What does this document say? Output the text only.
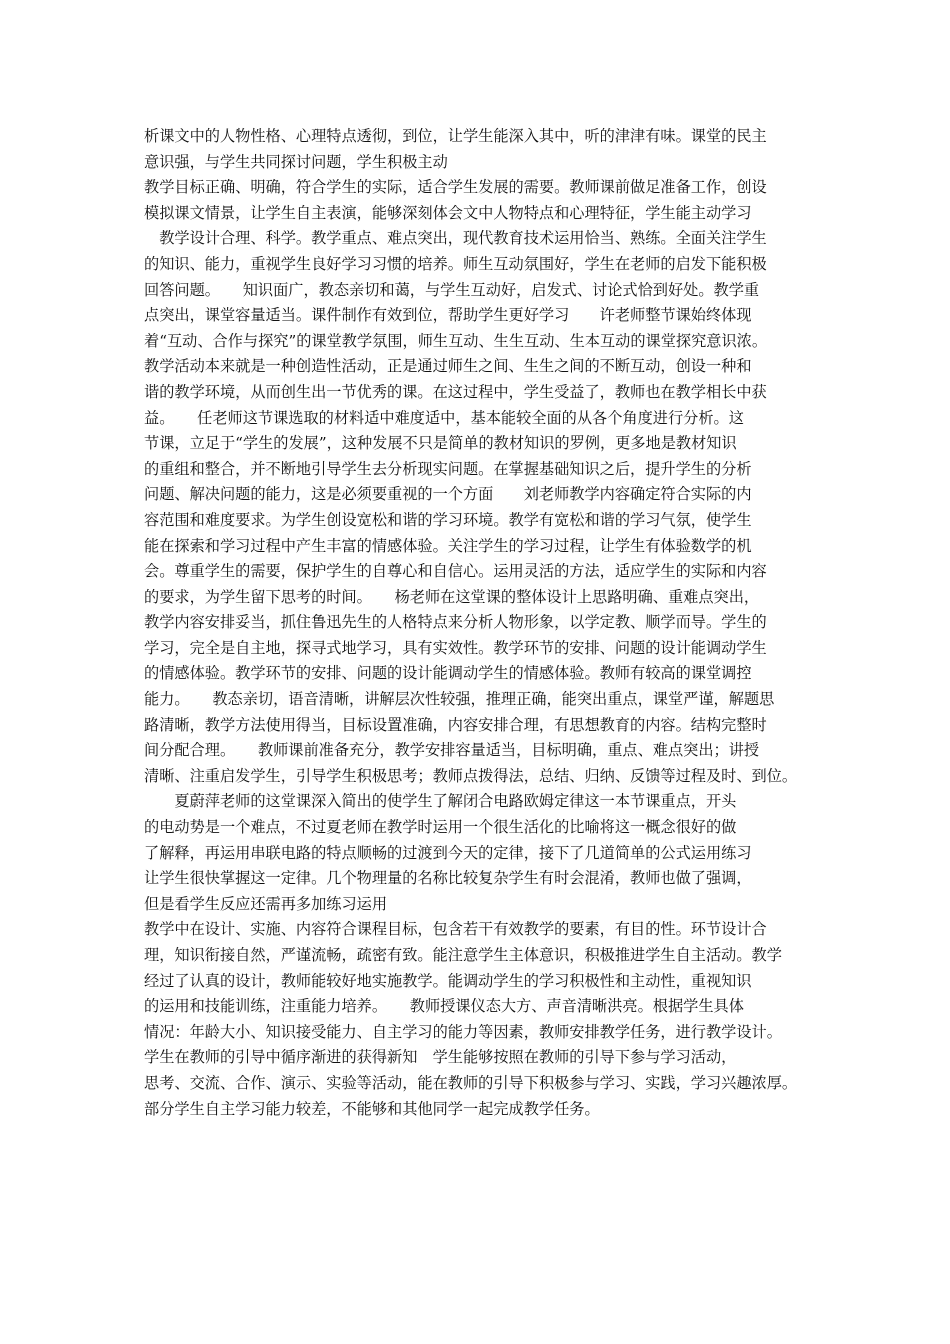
析课文中的人物性格、心理特点透彻，到位，让学生能深入其中，听的津津有味。课堂的民主
意识强，与学生共同探讨问题，学生积极主动
教学目标正确、明确，符合学生的实际，适合学生发展的需要。教师课前做足准备工作，创设
模拟课文情景，让学生自主表演，能够深刻体会文中人物特点和心理特征，学生能主动学习
　教学设计合理、科学。教学重点、难点突出，现代教育技术运用恰当、熟练。全面关注学生
的知识、能力，重视学生良好学习习惯的培养。师生互动氛围好，学生在老师的启发下能积极
回答问题。　　知识面广，教态亲切和蔼，与学生互动好，启发式、讨论式恰到好处。教学重
点突出，课堂容量适当。课件制作有效到位，帮助学生更好学习　　许老师整节课始终体现
着“互动、合作与探究”的课堂教学氛围，师生互动、生生互动、生本互动的课堂探究意识浓。
教学活动本来就是一种创造性活动，正是通过师生之间、生生之间的不断互动，创设一种和
谐的教学环境，从而创生出一节优秀的课。在这过程中，学生受益了，教师也在教学相长中获
益。　　任老师这节课选取的材料适中难度适中，基本能较全面的从各个角度进行分析。这
节课，立足于“学生的发展”，这种发展不只是简单的教材知识的罗例，更多地是教材知识
的重组和整合，并不断地引导学生去分析现实问题。在掌握基础知识之后，提升学生的分析
问题、解决问题的能力，这是必须要重视的一个方面　　刘老师教学内容确定符合实际的内
容范围和难度要求。为学生创设宽松和谐的学习环境。教学有宽松和谐的学习气氛，使学生
能在探索和学习过程中产生丰富的情感体验。关注学生的学习过程，让学生有体验数学的机
会。尊重学生的需要，保护学生的自尊心和自信心。运用灵活的方法，适应学生的实际和内容
的要求，为学生留下思考的时间。　　杨老师在这堂课的整体设计上思路明确、重难点突出，
教学内容安排妥当，抓住鲁迅先生的人格特点来分析人物形象，以学定教、顺学而导。学生的
学习，完全是自主地，探寻式地学习，具有实效性。教学环节的安排、问题的设计能调动学生
的情感体验。教学环节的安排、问题的设计能调动学生的情感体验。教师有较高的课堂调控
能力。　　教态亲切，语音清晰，讲解层次性较强，推理正确，能突出重点，课堂严谨，解题思
路清晰，教学方法使用得当，目标设置准确，内容安排合理，有思想教育的内容。结构完整时
间分配合理。　　教师课前准备充分，教学安排容量适当，目标明确，重点、难点突出；讲授
清晰、注重启发学生，引导学生积极思考；教师点拨得法，总结、归纳、反馈等过程及时、到位。
　　夏蔚萍老师的这堂课深入简出的使学生了解闭合电路欧姆定律这一本节课重点，开头
的电动势是一个难点，不过夏老师在教学时运用一个很生活化的比喻将这一概念很好的做
了解释，再运用串联电路的特点顺畅的过渡到今天的定律，接下了几道简单的公式运用练习
让学生很快掌握这一定律。几个物理量的名称比较复杂学生有时会混淆，教师也做了强调，
但是看学生反应还需再多加练习运用
教学中在设计、实施、内容符合课程目标，包含若干有效教学的要素，有目的性。环节设计合
理，知识衔接自然，严谨流畅，疏密有致。能注意学生主体意识，积极推进学生自主活动。教学
经过了认真的设计，教师能较好地实施教学。能调动学生的学习积极性和主动性，重视知识
的运用和技能训练，注重能力培养。　　教师授课仪态大方、声音清晰洪亮。根据学生具体
情况：年龄大小、知识接受能力、自主学习的能力等因素，教师安排教学任务，进行教学设计。
学生在教师的引导中循序渐进的获得新知　学生能够按照在教师的引导下参与学习活动，
思考、交流、合作、演示、实验等活动，能在教师的引导下积极参与学习、实践，学习兴趣浓厚。
部分学生自主学习能力较差，不能够和其他同学一起完成教学任务。
